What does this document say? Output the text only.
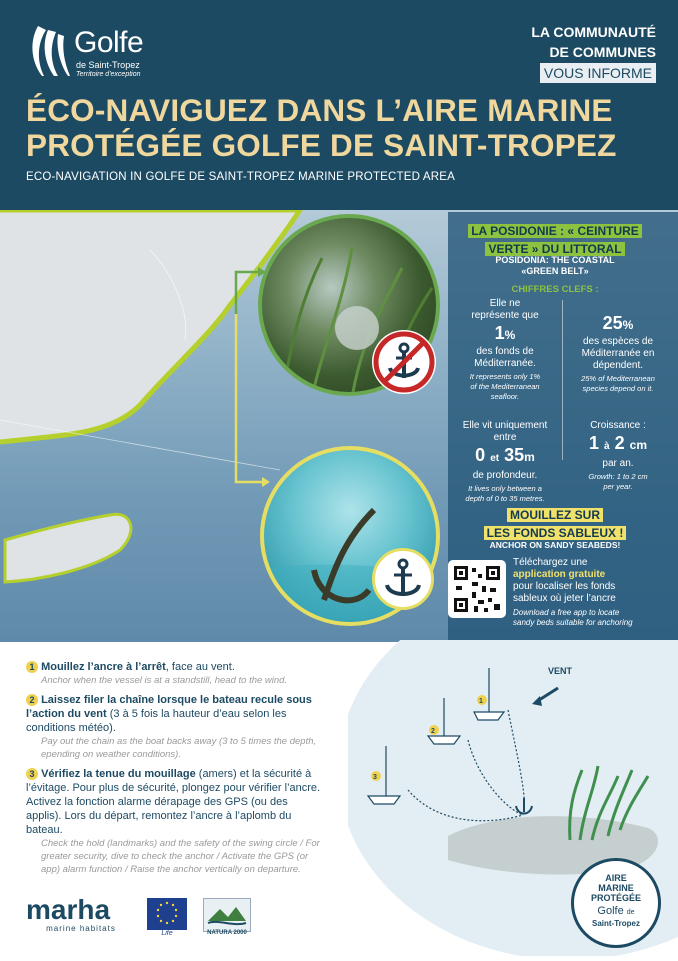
Golfe
de Saint-Tropez
Territoire d'exception
LA COMMUNAUTÉ
DE COMMUNES
VOUS INFORME
ÉCO-NAVIGUEZ DANS L’AIRE MARINE
PROTÉGÉE GOLFE DE SAINT-TROPEZ
ECO-NAVIGATION IN GOLFE DE SAINT-TROPEZ MARINE PROTECTED AREA
LA POSIDONIE : « CEINTURE
VERTE » DU LITTORAL
POSIDONIA: THE COASTAL
«GREEN BELT»
CHIFFRES CLEFS :
Elle ne
représente que
1%
des fonds de
Méditerranée.
It represents only 1%
of the Mediterranean
seafloor.
25%
des espèces de
Méditerranée en
dépendent.
25% of Mediterranean
species depend on it.
Elle vit uniquement
entre
0 et 35m
de profondeur.
It lives only between a
depth of 0 to 35 metres.
Croissance :
1 à 2 cm
par an.
Growth: 1 to 2 cm
per year.
MOUILLEZ SUR
LES FONDS SABLEUX !
ANCHOR ON SANDY SEABEDS!
Téléchargez une
application gratuite
pour localiser les fonds
sableux où jeter l’ancre
Download a free app to locate
sandy beds suitable for anchoring
1 Mouillez l’ancre à l’arrêt, face au vent.
Anchor when the vessel is at a standstill, head to the wind.
2 Laissez filer la chaîne lorsque le bateau recule sous l’action du vent (3 à 5 fois la hauteur d’eau selon les conditions météo).
Pay out the chain as the boat backs away (3 to 5 times the depth, epending on weather conditions).
3 Vérifiez la tenue du mouillage (amers) et la sécurité à l’évitage. Pour plus de sécurité, plongez pour vérifier l’ancre. Activez la fonction alarme dérapage des GPS (ou des applis). Lors du départ, remontez l’ancre à l’aplomb du bateau.
Check the hold (landmarks) and the safety of the swing circle / For greater security, dive to check the anchor / Activate the GPS (or app) alarm function / Raise the anchor vertically on departure.
VENT
1
2
3
marha
marine habitats
Life	NATURA 2000
AIRE
MARINE
PROTÉGÉE
Golfe de
Saint-Tropez
